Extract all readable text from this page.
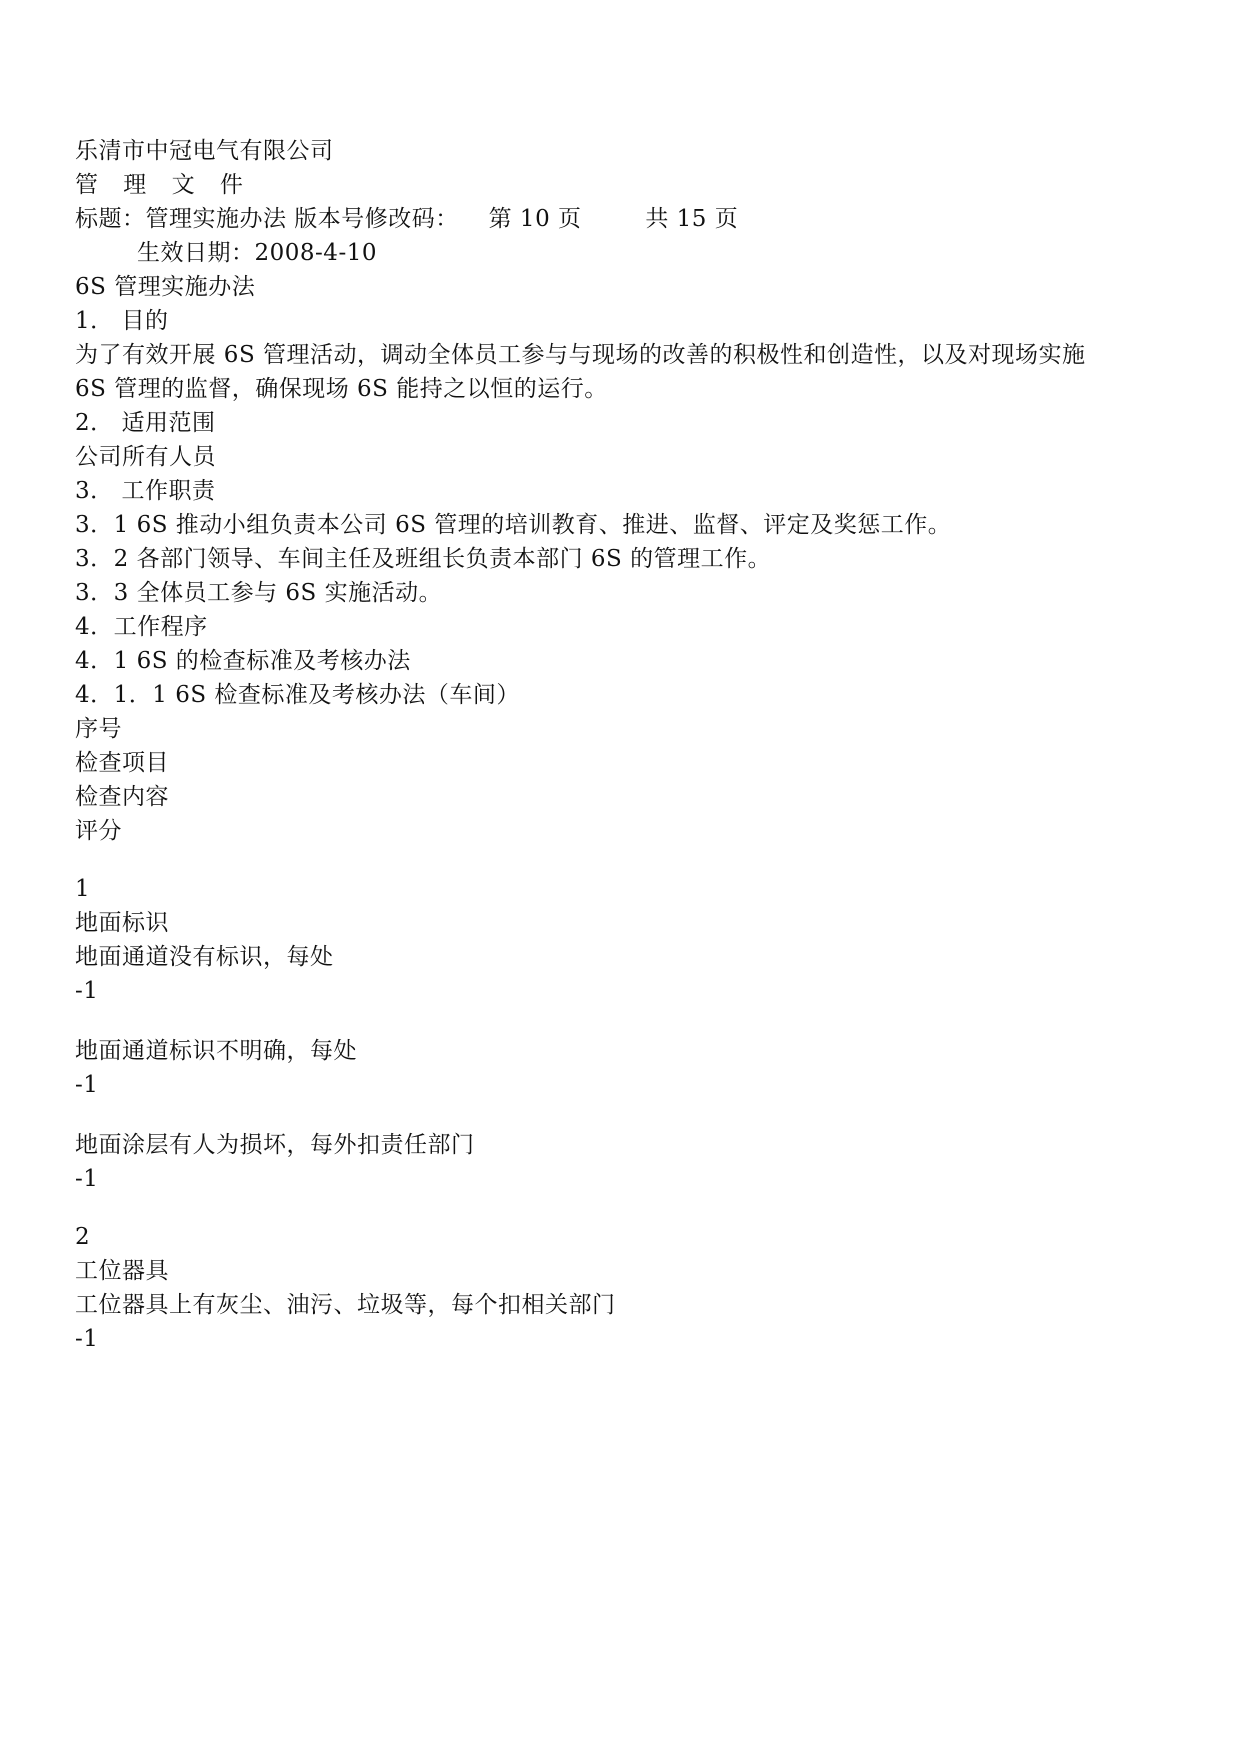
乐清市中冠电气有限公司
管 理 文 件
标题：管理实施办法 版本号修改码： 第 10 页	共 15 页
生效日期：2008-4-10
6S 管理实施办法
1． 目的
为了有效开展 6S 管理活动，调动全体员工参与与现场的改善的积极性和创造性，以及对现场实施
6S 管理的监督，确保现场 6S 能持之以恒的运行。
2． 适用范围
公司所有人员
3． 工作职责
3．1 6S 推动小组负责本公司 6S 管理的培训教育、推进、监督、评定及奖惩工作。
3．2 各部门领导、车间主任及班组长负责本部门 6S 的管理工作。
3．3 全体员工参与 6S 实施活动。
4．工作程序
4．1 6S 的检查标准及考核办法
4．1．1 6S 检查标准及考核办法（车间）
序号
检查项目
检查内容
评分
1
地面标识
地面通道没有标识，每处
-1
地面通道标识不明确，每处
-1
地面涂层有人为损坏，每外扣责任部门
-1
2
工位器具
工位器具上有灰尘、油污、垃圾等，每个扣相关部门
-1
